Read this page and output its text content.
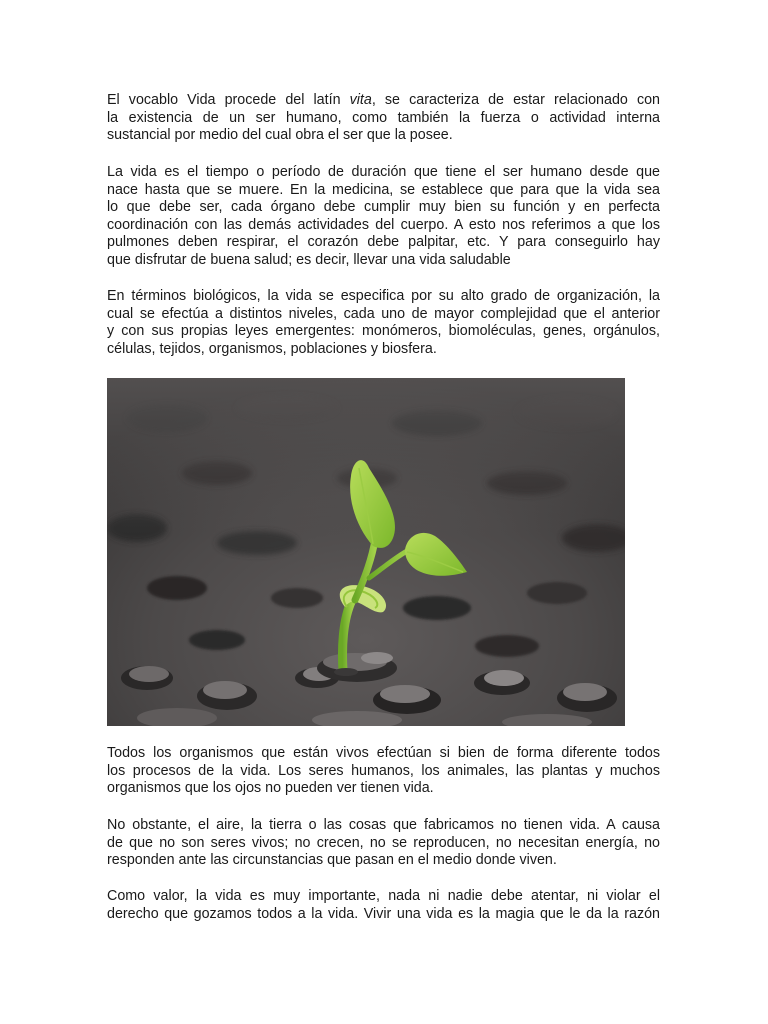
El vocablo Vida procede del latín vita, se caracteriza de estar relacionado con
la existencia de un ser humano, como también la fuerza o actividad interna
sustancial por medio del cual obra el ser que la posee.
La vida es el tiempo o período de duración que tiene el ser humano desde que
nace hasta que se muere. En la medicina, se establece que para que la vida sea
lo que debe ser, cada órgano debe cumplir muy bien su función y en perfecta
coordinación con las demás actividades del cuerpo. A esto nos referimos a que los
pulmones deben respirar, el corazón debe palpitar, etc. Y para conseguirlo hay
que disfrutar de buena salud; es decir, llevar una vida saludable
En términos biológicos, la vida se especifica por su alto grado de organización, la
cual se efectúa a distintos niveles, cada uno de mayor complejidad que el anterior
y con sus propias leyes emergentes: monómeros, biomoléculas, genes, orgánulos,
células, tejidos, organismos, poblaciones y biosfera.
Todos los organismos que están vivos efectúan si bien de forma diferente todos
los procesos de la vida. Los seres humanos, los animales, las plantas y muchos
organismos que los ojos no pueden ver tienen vida.
No obstante, el aire, la tierra o las cosas que fabricamos no tienen vida. A causa
de que no son seres vivos; no crecen, no se reproducen, no necesitan energía, no
responden ante las circunstancias que pasan en el medio donde viven.
Como valor, la vida es muy importante, nada ni nadie debe atentar, ni violar el
derecho que gozamos todos a la vida. Vivir una vida es la magia que le da la razón
